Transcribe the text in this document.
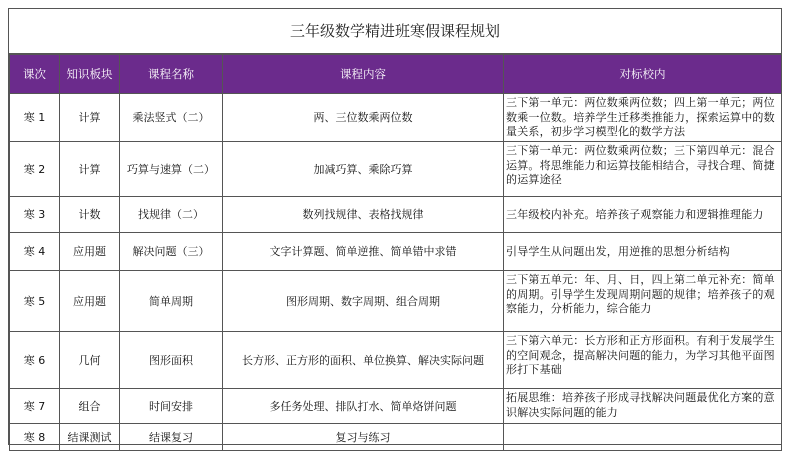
三年级数学精进班寒假课程规划
课次	知识板块	课程名称	课程内容	对标校内
寒 1	计算	乘法竖式（二）	两、三位数乘两位数	三下第一单元：两位数乘两位数；四上第一单元；两位数乘一位数。培养学生迁移类推能力，探索运算中的数量关系，初步学习模型化的数学方法
寒 2	计算	巧算与速算（二）	加减巧算、乘除巧算	三下第一单元：两位数乘两位数；三下第四单元：混合运算。将思维能力和运算技能相结合，寻找合理、简捷的运算途径
寒 3	计数	找规律（二）	数列找规律、表格找规律	三年级校内补充。培养孩子观察能力和逻辑推理能力
寒 4	应用题	解决问题（三）	文字计算题、简单逆推、简单错中求错	引导学生从问题出发，用逆推的思想分析结构
寒 5	应用题	简单周期	图形周期、数字周期、组合周期	三下第五单元：年、月、日，四上第二单元补充：简单的周期。引导学生发现周期问题的规律；培养孩子的观察能力，分析能力，综合能力
寒 6	几何	图形面积	长方形、正方形的面积、单位换算、解决实际问题	三下第六单元：长方形和正方形面积。有利于发展学生的空间观念，提高解决问题的能力，为学习其他平面图形打下基础
寒 7	组合	时间安排	多任务处理、排队打水、简单烙饼问题	拓展思维：培养孩子形成寻找解决问题最优化方案的意识解决实际问题的能力
寒 8	结课测试	结课复习	复习与练习	
